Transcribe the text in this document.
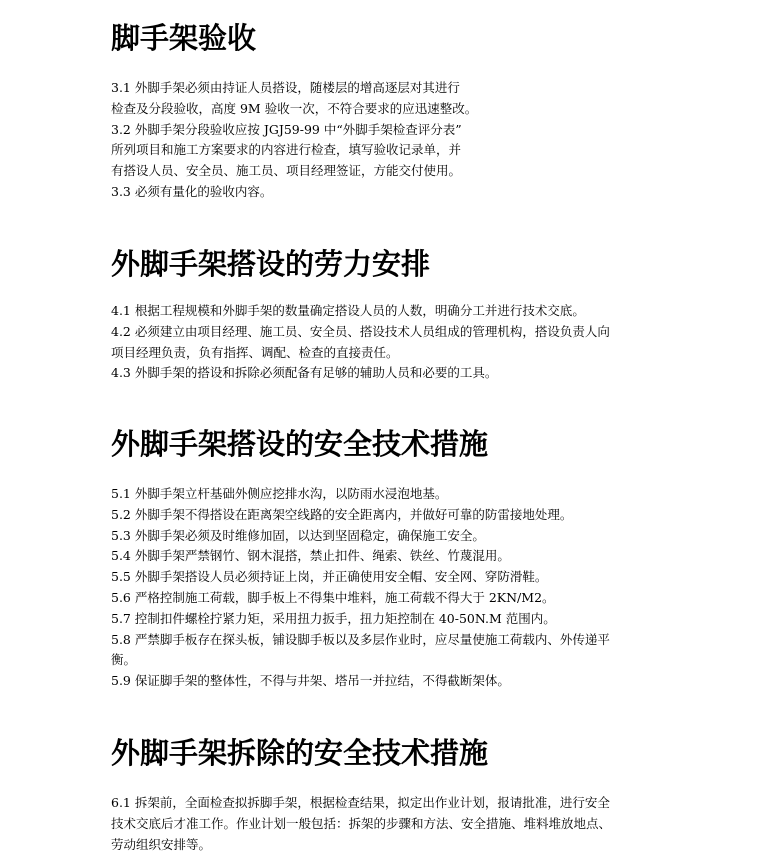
脚手架验收

3.1 外脚手架必须由持证人员搭设，随楼层的增高逐层对其进行

检查及分段验收，高度 9M 验收一次，不符合要求的应迅速整改。

3.2 外脚手架分段验收应按 JGJ59-99 中“外脚手架检查评分表”

所列项目和施工方案要求的内容进行检查，填写验收记录单，并

有搭设人员、安全员、施工员、项目经理签证，方能交付使用。

3.3 必须有量化的验收内容。

外脚手架搭设的劳力安排

4.1 根据工程规模和外脚手架的数量确定搭设人员的人数，明确分工并进行技术交底。

4.2 必须建立由项目经理、施工员、安全员、搭设技术人员组成的管理机构，搭设负责人向

项目经理负责，负有指挥、调配、检查的直接责任。

4.3 外脚手架的搭设和拆除必须配备有足够的辅助人员和必要的工具。

外脚手架搭设的安全技术措施

5.1 外脚手架立杆基础外侧应挖排水沟，以防雨水浸泡地基。

5.2 外脚手架不得搭设在距离架空线路的安全距离内，并做好可靠的防雷接地处理。

5.3 外脚手架必须及时维修加固，以达到坚固稳定，确保施工安全。

5.4 外脚手架严禁钢竹、钢木混搭，禁止扣件、绳索、铁丝、竹蔑混用。

5.5 外脚手架搭设人员必须持证上岗，并正确使用安全帽、安全网、穿防滑鞋。

5.6 严格控制施工荷载，脚手板上不得集中堆料，施工荷载不得大于 2KN/M2。

5.7 控制扣件螺栓拧紧力矩，采用扭力扳手，扭力矩控制在 40-50N.M 范围内。

5.8 严禁脚手板存在探头板，铺设脚手板以及多层作业时，应尽量使施工荷载内、外传递平

衡。

5.9 保证脚手架的整体性，不得与井架、塔吊一并拉结，不得截断架体。

外脚手架拆除的安全技术措施

6.1 拆架前，全面检查拟拆脚手架，根据检查结果，拟定出作业计划，报请批准，进行安全

技术交底后才准工作。作业计划一般包括：拆架的步骤和方法、安全措施、堆料堆放地点、

劳动组织安排等。
